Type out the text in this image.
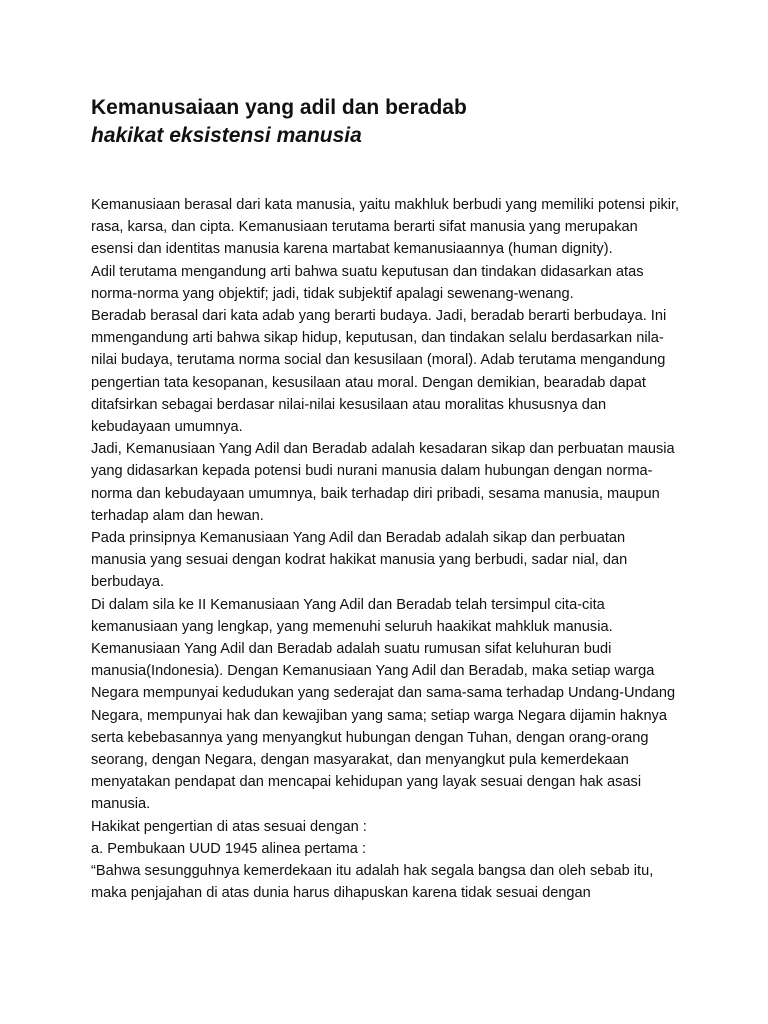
Kemanusaiaan yang adil dan beradab
hakikat eksistensi manusia

Kemanusiaan berasal dari kata manusia, yaitu makhluk berbudi yang memiliki potensi pikir, rasa, karsa, dan cipta. Kemanusiaan terutama berarti sifat manusia yang merupakan esensi dan identitas manusia karena martabat kemanusiaannya (human dignity).

Adil terutama mengandung arti bahwa suatu keputusan dan tindakan didasarkan atas norma-norma yang objektif; jadi, tidak subjektif apalagi sewenang-wenang.

Beradab berasal dari kata adab yang berarti budaya. Jadi, beradab berarti berbudaya. Ini mmengandung arti bahwa sikap hidup, keputusan, dan tindakan selalu berdasarkan nila-nilai budaya, terutama norma social dan kesusilaan (moral). Adab terutama mengandung pengertian tata kesopanan, kesusilaan atau moral. Dengan demikian, bearadab dapat ditafsirkan sebagai berdasar nilai-nilai kesusilaan atau moralitas khususnya dan kebudayaan umumnya.

Jadi, Kemanusiaan Yang Adil dan Beradab adalah kesadaran sikap dan perbuatan mausia yang didasarkan kepada potensi budi nurani manusia dalam hubungan dengan norma-norma dan kebudayaan umumnya, baik terhadap diri pribadi, sesama manusia, maupun terhadap alam dan hewan.

Pada prinsipnya Kemanusiaan Yang Adil dan Beradab adalah sikap dan perbuatan manusia yang sesuai dengan kodrat hakikat manusia yang berbudi, sadar nial, dan berbudaya.

Di dalam sila ke II Kemanusiaan Yang Adil dan Beradab telah tersimpul cita-cita kemanusiaan yang lengkap, yang memenuhi seluruh haakikat mahkluk manusia. Kemanusiaan Yang Adil dan Beradab adalah suatu rumusan sifat keluhuran budi manusia(Indonesia). Dengan Kemanusiaan Yang Adil dan Beradab, maka setiap warga Negara mempunyai kedudukan yang sederajat dan sama-sama terhadap Undang-Undang Negara, mempunyai hak dan kewajiban yang sama; setiap warga Negara dijamin haknya serta kebebasannya yang menyangkut hubungan dengan Tuhan, dengan orang-orang seorang, dengan Negara, dengan masyarakat, dan menyangkut pula kemerdekaan menyatakan pendapat dan mencapai kehidupan yang layak sesuai dengan hak asasi manusia.

Hakikat pengertian di atas sesuai dengan :

a. Pembukaan UUD 1945 alinea pertama :

“Bahwa sesungguhnya kemerdekaan itu adalah hak segala bangsa dan oleh sebab itu, maka penjajahan di atas dunia harus dihapuskan karena tidak sesuai dengan
